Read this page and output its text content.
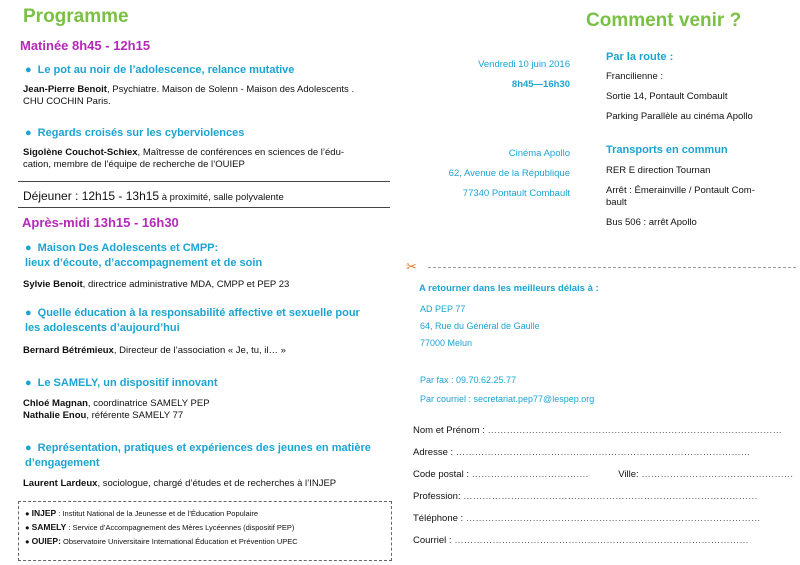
Programme
Matinée 8h45 - 12h15
● Le pot au noir de l’adolescence, relance mutative
Jean-Pierre Benoit, Psychiatre. Maison de Solenn - Maison des Adolescents .
CHU COCHIN Paris.
● Regards croisés sur les cyberviolences
Sigolène Couchot-Schiex, Maîtresse de conférences en sciences de l’édu-
cation, membre de l’équipe de recherche de l’OUIEP
Déjeuner : 12h15 - 13h15 à proximité, salle polyvalente
Après-midi 13h15 - 16h30
● Maison Des Adolescents et CMPP:
lieux d’écoute, d’accompagnement et de soin
Sylvie Benoit, directrice administrative MDA, CMPP et PEP 23
● Quelle éducation à la responsabilité affective et sexuelle pour
les adolescents d’aujourd’hui
Bernard Bétrémieux, Directeur de l’association « Je, tu, il… »
● Le SAMELY, un dispositif innovant
Chloé Magnan, coordinatrice SAMELY PEP
Nathalie Enou, référente SAMELY 77
● Représentation, pratiques et expériences des jeunes en matière
d’engagement
Laurent Lardeux, sociologue, chargé d’études et de recherches à l’INJEP
● INJEP : Institut National de la Jeunesse et de l’Éducation Populaire
● SAMELY : Service d’Accompagnement des Mères Lycéennes (dispositif PEP)
● OUIEP: Observatoire Universitaire International Éducation et Prévention UPEC
Vendredi 10 juin 2016
8h45—16h30
Cinéma Apollo
62, Avenue de la République
77340 Pontault Combault
Comment venir ?
Par la route :
Francilienne :
Sortie 14, Pontault Combault
Parking Parallèle au cinéma Apollo
Transports en commun
RER E direction Tournan
Arrêt : Émerainville / Pontault Com-
bault
Bus 506 : arrêt Apollo
✂
A retourner dans les meilleurs délais à :
AD PEP 77
64, Rue du Général de Gaulle
77000 Melun
Par fax : 09.70.62.25.77
Par courriel : secretariat.pep77@lespep.org
Nom et Prénom : …………………………………………………………………………………
Adresse : …………………………………………………………………………………
Code postal : ……………………………….	Ville: …………………………………………
Profession: …………………………………………………………………………………
Téléphone : …………………………………………………………………………………
Courriel : …………………………………………………………………………………
